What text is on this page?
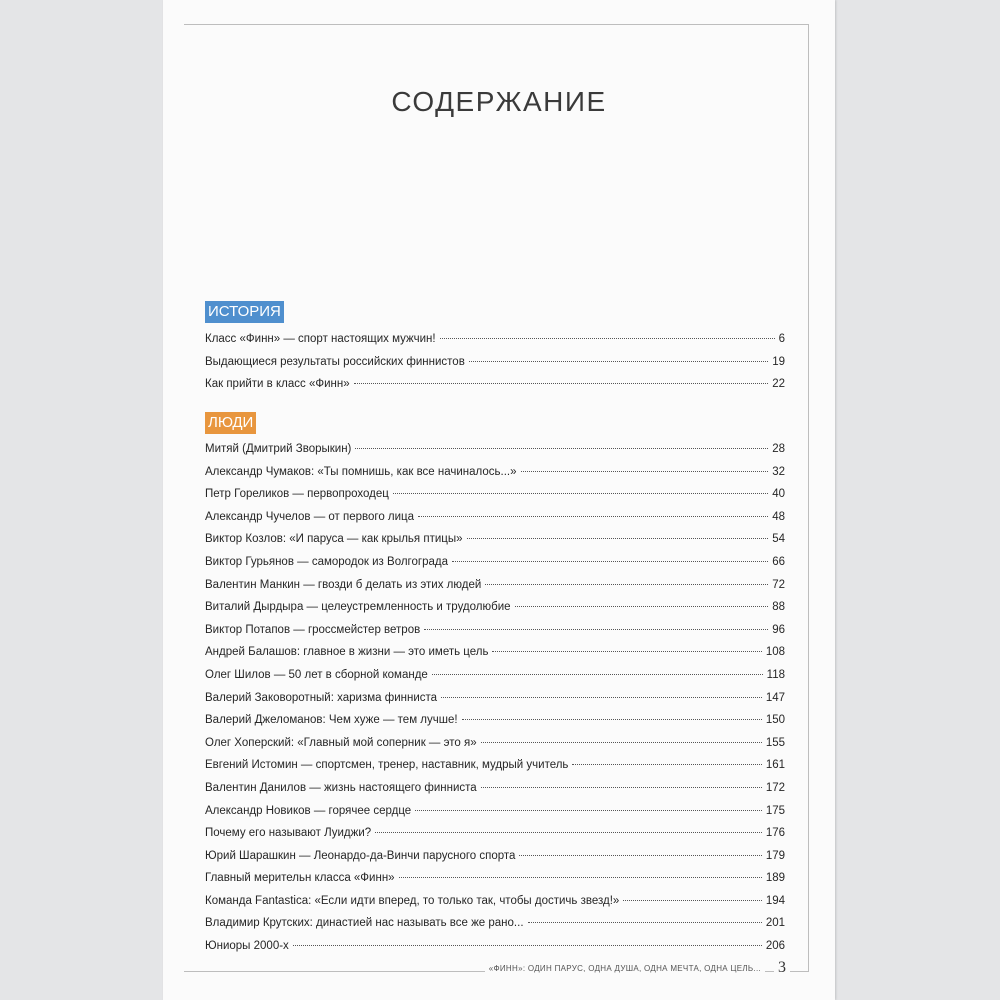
СОДЕРЖАНИЕ
ИСТОРИЯ
Класс «Финн» — спорт настоящих мужчин!	6
Выдающиеся результаты российских финнистов	19
Как прийти в класс «Финн»	22
ЛЮДИ
Митяй (Дмитрий Зворыкин)	28
Александр Чумаков: «Ты помнишь, как все начиналось...»	32
Петр Гореликов — первопроходец	40
Александр Чучелов — от первого лица	48
Виктор Козлов: «И паруса — как крылья птицы»	54
Виктор Гурьянов — самородок из Волгограда	66
Валентин Манкин — гвозди б делать из этих людей	72
Виталий Дырдыра — целеустремленность и трудолюбие	88
Виктор Потапов — гроссмейстер ветров	96
Андрей Балашов: главное в жизни — это иметь цель	108
Олег Шилов — 50 лет в сборной команде	118
Валерий Заковоротный: харизма финниста	147
Валерий Джеломанов: Чем хуже — тем лучше!	150
Олег Хоперский: «Главный мой соперник — это я»	155
Евгений Истомин — спортсмен, тренер, наставник, мудрый учитель	161
Валентин Данилов — жизнь настоящего финниста	172
Александр Новиков — горячее сердце	175
Почему его называют Луиджи?	176
Юрий Шарашкин — Леонардо-да-Винчи парусного спорта	179
Главный мерительн класса «Финн»	189
Команда Fantastica: «Если идти вперед, то только так, чтобы достичь звезд!»	194
Владимир Крутских: династией нас называть все же рано...	201
Юниоры 2000-х	206
«ФИНН»: ОДИН ПАРУС, ОДНА ДУША, ОДНА МЕЧТА, ОДНА ЦЕЛЬ... 3
